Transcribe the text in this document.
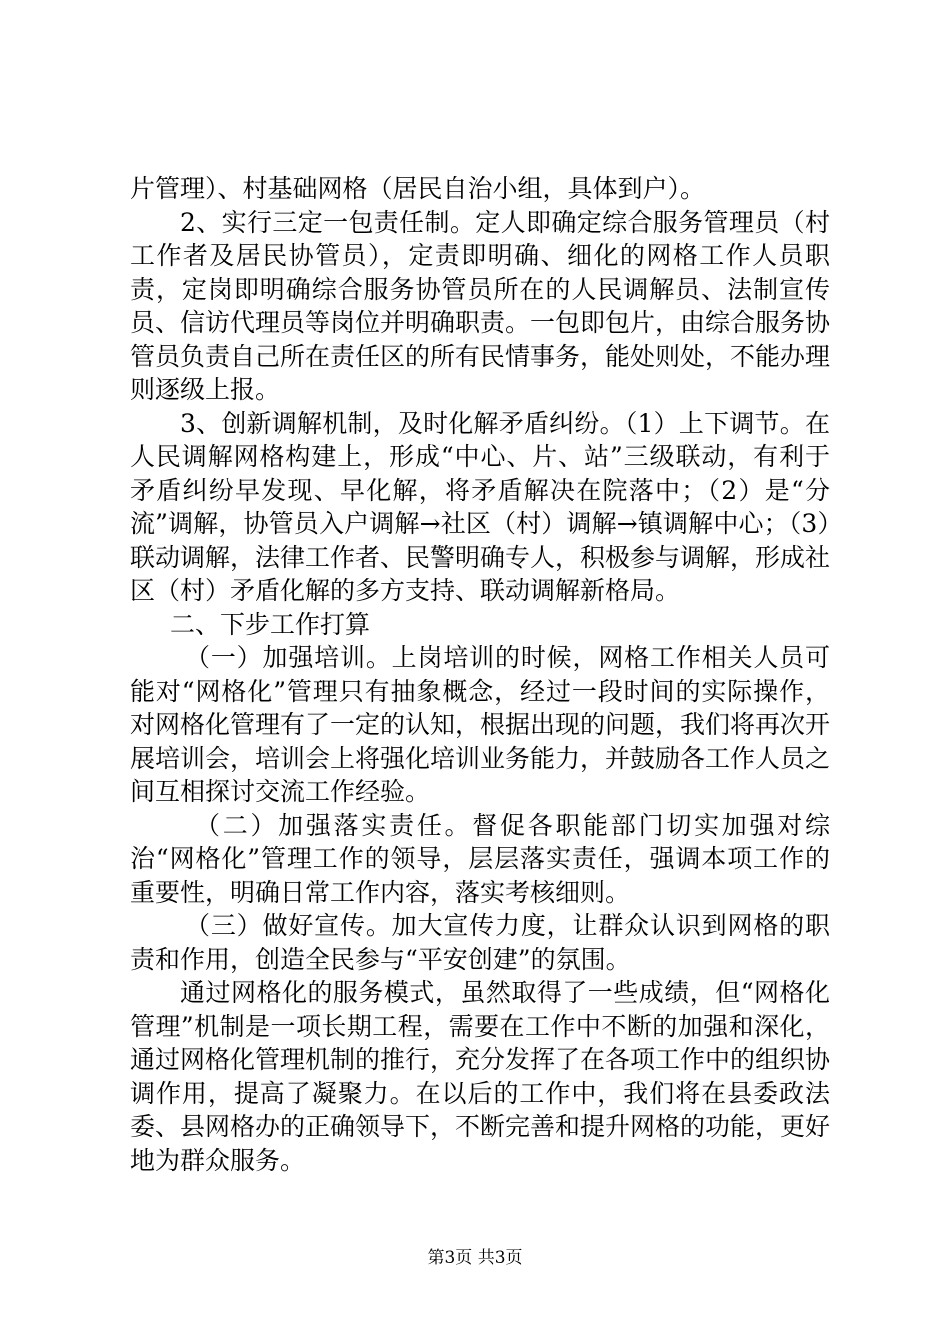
片管理）、村基础网格（居民自治小组，具体到户）。

2、实行三定一包责任制。定人即确定综合服务管理员（村工作者及居民协管员），定责即明确、细化的网格工作人员职责，定岗即明确综合服务协管员所在的人民调解员、法制宣传员、信访代理员等岗位并明确职责。一包即包片，由综合服务协管员负责自己所在责任区的所有民情事务，能处则处，不能办理则逐级上报。

3、创新调解机制，及时化解矛盾纠纷。（1）上下调节。在人民调解网格构建上，形成“中心、片、站”三级联动，有利于矛盾纠纷早发现、早化解，将矛盾解决在院落中；（2）是“分流”调解，协管员入户调解→社区（村）调解→镇调解中心；（3）联动调解，法律工作者、民警明确专人，积极参与调解，形成社区（村）矛盾化解的多方支持、联动调解新格局。

二、下步工作打算

（一）加强培训。上岗培训的时候，网格工作相关人员可能对“网格化”管理只有抽象概念，经过一段时间的实际操作，对网格化管理有了一定的认知，根据出现的问题，我们将再次开展培训会，培训会上将强化培训业务能力，并鼓励各工作人员之间互相探讨交流工作经验。

（二）加强落实责任。督促各职能部门切实加强对综治“网格化”管理工作的领导，层层落实责任，强调本项工作的重要性，明确日常工作内容，落实考核细则。

（三）做好宣传。加大宣传力度，让群众认识到网格的职责和作用，创造全民参与“平安创建”的氛围。

通过网格化的服务模式，虽然取得了一些成绩，但“网格化管理”机制是一项长期工程，需要在工作中不断的加强和深化，通过网格化管理机制的推行，充分发挥了在各项工作中的组织协调作用，提高了凝聚力。在以后的工作中，我们将在县委政法委、县网格办的正确领导下，不断完善和提升网格的功能，更好地为群众服务。

第3页 共3页
